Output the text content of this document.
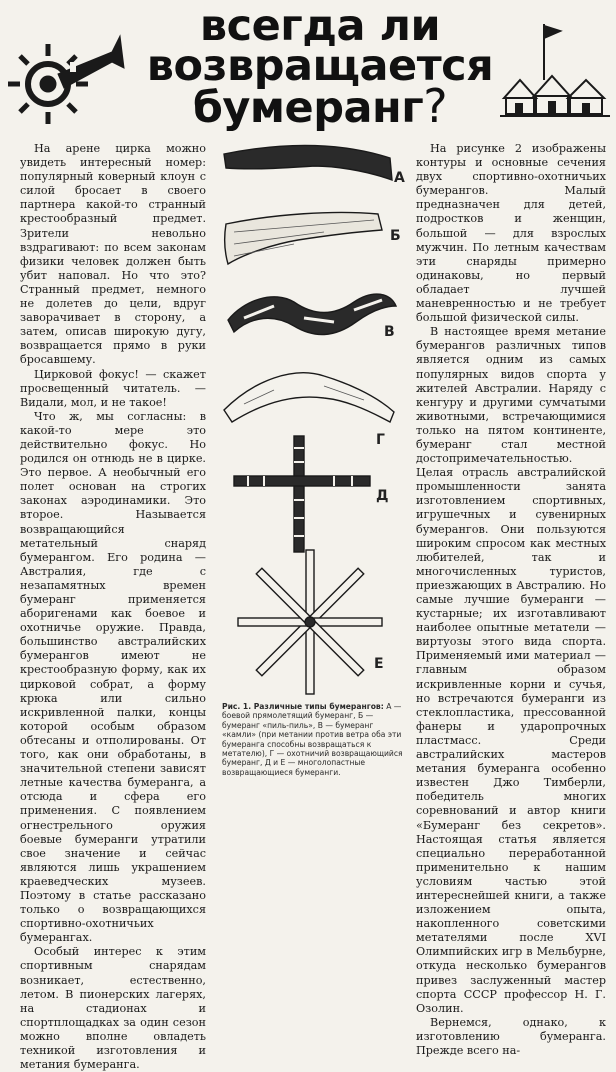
всегда ли
возвращается
бумеранг?

На арене цирка можно увидеть интересный номер: популярный коверный клоун с силой бросает в своего партнера какой-то странный крестообразный предмет. Зрители невольно вздрагивают: по всем законам физики человек должен быть убит наповал. Но что это? Странный предмет, немного не долетев до цели, вдруг заворачивает в сторону, а затем, описав широкую дугу, возвращается прямо в руки бросавшему.

Цирковой фокус! — скажет просвещенный читатель. — Видали, мол, и не такое!

Что ж, мы согласны: в какой-то мере это действительно фокус. Но родился он отнюдь не в цирке. Это первое. А необычный его полет основан на строгих законах аэродинамики. Это второе. Называется возвращающийся метательный снаряд бумерангом. Его родина — Австралия, где с незапамятных времен бумеранг применяется аборигенами как боевое и охотничье оружие. Правда, большинство австралийских бумерангов имеют не крестообразную форму, как их цирковой собрат, а форму крюка или сильно искривленной палки, концы которой особым образом обтесаны и отполированы. От того, как они обработаны, в значительной степени зависят летные качества бумеранга, а отсюда и сфера его применения. С появлением огнестрельного оружия боевые бумеранги утратили свое значение и сейчас являются лишь украшением краеведческих музеев. Поэтому в статье рассказано только о возвращающихся спортивно-охотничьих бумерангах.

Особый интерес к этим спортивным снарядам возникает, естественно, летом. В пионерских лагерях, на стадионах и спортплощадках за один сезон можно вполне овладеть техникой изготовления и метания бумеранга.

А
Б
В
Г
Д
Е
Рис. 1. Различные типы бумерангов: А — боевой прямолетящий бумеранг, Б — бумеранг «пиль-пиль», В — бумеранг «камли» (при метании против ветра оба эти бумеранга способны возвращаться к метателю), Г — охотничий возвращающийся бумеранг, Д и Е — многолопастные возвращающиеся бумеранги.

На рисунке 2 изображены контуры и основные сечения двух спортивно-охотничьих бумерангов. Малый предназначен для детей, подростков и женщин, большой — для взрослых мужчин. По летным качествам эти снаряды примерно одинаковы, но первый обладает лучшей маневренностью и не требует большой физической силы.

В настоящее время метание бумерангов различных типов является одним из самых популярных видов спорта у жителей Австралии. Наряду с кенгуру и другими сумчатыми животными, встречающимися только на пятом континенте, бумеранг стал местной достопримечательностью. Целая отрасль австралийской промышленности занята изготовлением спортивных, игрушечных и сувенирных бумерангов. Они пользуются широким спросом как местных любителей, так и многочисленных туристов, приезжающих в Австралию. Но самые лучшие бумеранги — кустарные; их изготавливают наиболее опытные метатели — виртуозы этого вида спорта. Применяемый ими материал — главным образом искривленные корни и сучья, но встречаются бумеранги из стеклопластика, прессованной фанеры и ударопрочных пластмасс. Среди австралийских мастеров метания бумеранга особенно известен Джо Тимберли, победитель многих соревнований и автор книги «Бумеранг без секретов». Настоящая статья является специально переработанной применительно к нашим условиям частью этой интереснейшей книги, а также изложением опыта, накопленного советскими метателями после XVI Олимпийских игр в Мельбурне, откуда несколько бумерангов привез заслуженный мастер спорта СССР профессор Н. Г. Озолин.

Вернемся, однако, к изготовлению бумеранга. Прежде всего на-
